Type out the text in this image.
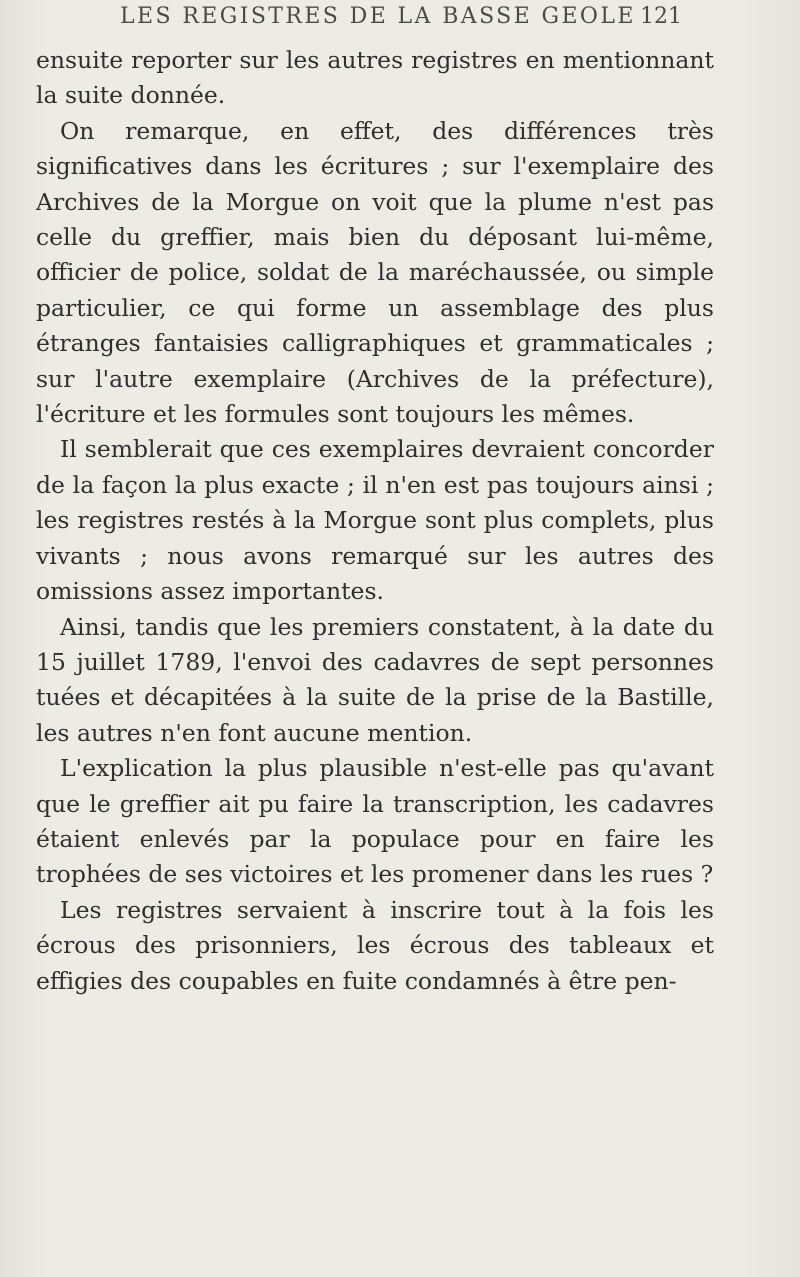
LES REGISTRES DE LA BASSE GEOLE 121

ensuite reporter sur les autres registres en mentionnant la suite donnée.

On remarque, en effet, des différences très significatives dans les écritures ; sur l'exemplaire des Archives de la Morgue on voit que la plume n'est pas celle du greffier, mais bien du déposant lui-même, officier de police, soldat de la maréchaussée, ou simple particulier, ce qui forme un assemblage des plus étranges fantaisies calligraphiques et grammaticales ; sur l'autre exemplaire (Archives de la préfecture), l'écriture et les formules sont toujours les mêmes.

Il semblerait que ces exemplaires devraient concorder de la façon la plus exacte ; il n'en est pas toujours ainsi ; les registres restés à la Morgue sont plus complets, plus vivants ; nous avons remarqué sur les autres des omissions assez importantes.

Ainsi, tandis que les premiers constatent, à la date du 15 juillet 1789, l'envoi des cadavres de sept personnes tuées et décapitées à la suite de la prise de la Bastille, les autres n'en font aucune mention.

L'explication la plus plausible n'est-elle pas qu'avant que le greffier ait pu faire la transcription, les cadavres étaient enlevés par la populace pour en faire les trophées de ses victoires et les promener dans les rues ?

Les registres servaient à inscrire tout à la fois les écrous des prisonniers, les écrous des tableaux et effigies des coupables en fuite condamnés à être pen-
